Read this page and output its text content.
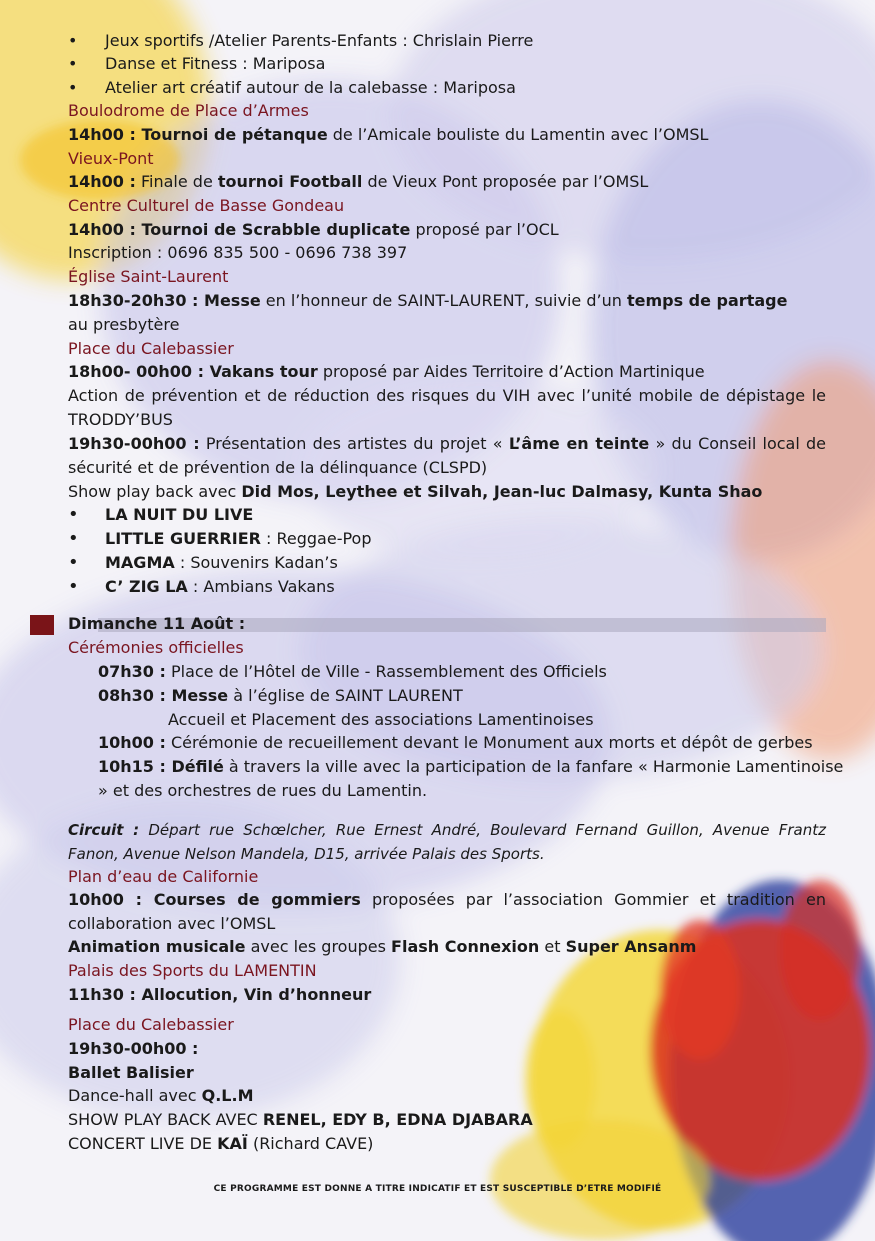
• Jeux sportifs /Atelier Parents-Enfants : Chrislain Pierre
• Danse et Fitness : Mariposa
• Atelier art créatif autour de la calebasse : Mariposa
Boulodrome de Place d’Armes
14h00 : Tournoi de pétanque de l’Amicale bouliste du Lamentin avec l’OMSL
Vieux-Pont
14h00 : Finale de tournoi Football de Vieux Pont proposée par l’OMSL
Centre Culturel de Basse Gondeau
14h00 : Tournoi de Scrabble duplicate proposé par l’OCL
Inscription : 0696 835 500 - 0696 738 397
Église Saint-Laurent
18h30-20h30 : Messe en l’honneur de SAINT-LAURENT, suivie d’un temps de partage
au presbytère
Place du Calebassier
18h00- 00h00 : Vakans tour proposé par Aides Territoire d’Action Martinique
Action de prévention et de réduction des risques du VIH avec l’unité mobile de dépistage le TRODDY’BUS
19h30-00h00 : Présentation des artistes du projet « L’âme en teinte » du Conseil local de sécurité et de prévention de la délinquance (CLSPD)
Show play back avec Did Mos, Leythee et Silvah, Jean-luc Dalmasy, Kunta Shao
• LA NUIT DU LIVE
• LITTLE GUERRIER : Reggae-Pop
• MAGMA : Souvenirs Kadan’s
• C’ ZIG LA : Ambians Vakans
Dimanche 11 Août :
Cérémonies officielles
07h30 : Place de l’Hôtel de Ville - Rassemblement des Officiels
08h30 : Messe à l’église de SAINT LAURENT
Accueil et Placement des associations Lamentinoises
10h00 : Cérémonie de recueillement devant le Monument aux morts et dépôt de gerbes
10h15 : Défilé à travers la ville avec la participation de la fanfare « Harmonie Lamentinoise
» et des orchestres de rues du Lamentin.
Circuit : Départ rue Schœlcher, Rue Ernest André, Boulevard Fernand Guillon, Avenue Frantz Fanon, Avenue Nelson Mandela, D15, arrivée Palais des Sports.
Plan d’eau de Californie
10h00 : Courses de gommiers proposées par l’association Gommier et tradition en collaboration avec l’OMSL
Animation musicale avec les groupes Flash Connexion et Super Ansanm
Palais des Sports du LAMENTIN
11h30 : Allocution, Vin d’honneur
Place du Calebassier
19h30-00h00 :
Ballet Balisier
Dance-hall avec Q.L.M
SHOW PLAY BACK AVEC RENEL, EDY B, EDNA DJABARA
CONCERT LIVE DE KAÏ (Richard CAVE)
CE PROGRAMME EST DONNE A TITRE INDICATIF ET EST SUSCEPTIBLE D’ETRE MODIFIÉ
